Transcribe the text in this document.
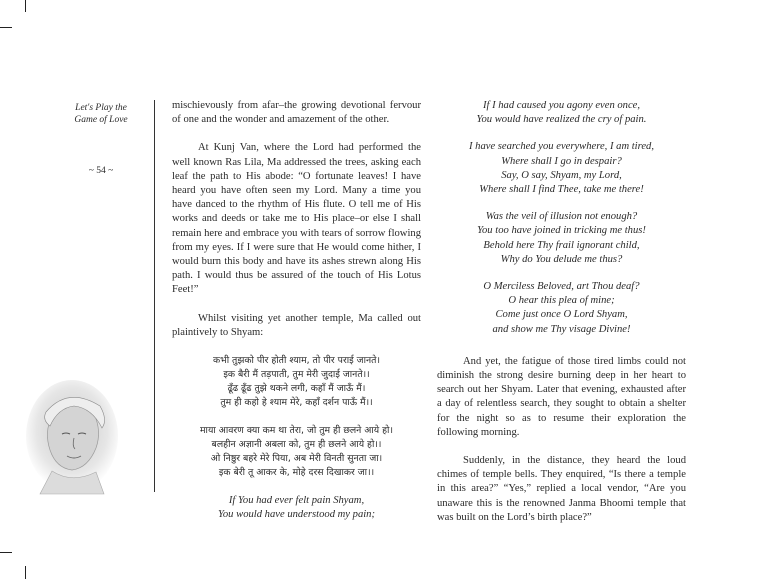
Let's Play the
Game of Love
~ 54 ~

mischievously from afar–the growing devotional fervour of one and the wonder and amazement of the other.

At Kunj Van, where the Lord had performed the well known Ras Lila, Ma addressed the trees, asking each leaf the path to His abode: “O fortunate leaves! I have heard you have often seen my Lord. Many a time you have danced to the rhythm of His flute. O tell me of His works and deeds or take me to His place–or else I shall remain here and embrace you with tears of sorrow flowing from my eyes. If I were sure that He would come hither, I would burn this body and have its ashes strewn along His path. I would thus be assured of the touch of His Lotus Feet!”

Whilst visiting yet another temple, Ma called out plaintively to Shyam:

कभी तुझको पीर होती श्याम, तो पीर पराई जानते।
इक बैरी मैं तड़पाती, तुम मेरी जुदाई जानते।।
ढूँढ ढूँढ तुझे थकने लगी, कहाँ मैं जाऊँ मैं।
तुम ही कहो हे श्याम मेरे, कहाँ दर्शन पाऊँ मैं।।
माया आवरण क्या कम था तेरा, जो तुम ही छलने आये हो।
बलहीन अज्ञानी अबला को, तुम ही छलने आये हो।।
ओ निष्ठुर बहरे मेरे पिया, अब मेरी विनती सुनता जा।
इक बेरी तू आकर के, मोहे दरस दिखाकर जा।।
If You had ever felt pain Shyam,
You would have understood my pain;
If I had caused you agony even once,
You would have realized the cry of pain.
I have searched you everywhere, I am tired,
Where shall I go in despair?
Say, O say, Shyam, my Lord,
Where shall I find Thee, take me there!
Was the veil of illusion not enough?
You too have joined in tricking me thus!
Behold here Thy frail ignorant child,
Why do You delude me thus?
O Merciless Beloved, art Thou deaf?
O hear this plea of mine;
Come just once O Lord Shyam,
and show me Thy visage Divine!

And yet, the fatigue of those tired limbs could not diminish the strong desire burning deep in her heart to search out her Shyam. Later that evening, exhausted after a day of relentless search, they sought to obtain a shelter for the night so as to resume their exploration the following morning.

Suddenly, in the distance, they heard the loud chimes of temple bells. They enquired, “Is there a temple in this area?” “Yes,” replied a local vendor, “Are you unaware this is the renowned Janma Bhoomi temple that was built on the Lord’s birth place?”
